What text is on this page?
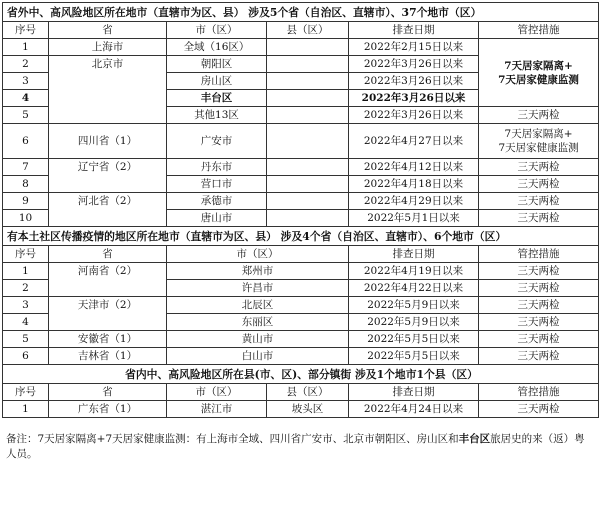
省外中、高风险地区所在地市（直辖市为区、县） 涉及5个省（自治区、直辖市）、37个地市（区）					
序号	省	市（区）	县（区）	排查日期	管控措施
1	上海市	全域（16区）		2022年2月15日以来	7天居家隔离+
7天居家健康监测
2	北京市	朝阳区		2022年3月26日以来	
3		房山区		2022年3月26日以来	
4		丰台区		2022年3月26日以来	
5		其他13区		2022年3月26日以来	三天两检
6	四川省（1）	广安市		2022年4月27日以来	7天居家隔离+
7天居家健康监测
7	辽宁省（2）	丹东市		2022年4月12日以来	三天两检
8		营口市		2022年4月18日以来	三天两检
9	河北省（2）	承德市		2022年4月29日以来	三天两检
10		唐山市		2022年5月1日以来	三天两检
有本土社区传播疫情的地区所在地市（直辖市为区、县） 涉及4个省（自治区、直辖市）、6个地市（区）					
序号	省	市（区）		排查日期	管控措施
1	河南省（2）	郑州市		2022年4月19日以来	三天两检
2		许昌市		2022年4月22日以来	三天两检
3	天津市（2）	北辰区		2022年5月9日以来	三天两检
4		东丽区		2022年5月9日以来	三天两检
5	安徽省（1）	黄山市		2022年5月5日以来	三天两检
6	吉林省（1）	白山市		2022年5月5日以来	三天两检
省内中、高风险地区所在县(市、区)、部分镇街 涉及1个地市1个县（区）					
序号	省	市（区）	县（区）	排查日期	管控措施
1	广东省（1）	湛江市	坡头区	2022年4月24日以来	三天两检
备注：7天居家隔离+7天居家健康监测：有上海市全域、四川省广安市、北京市朝阳区、房山区和丰台区旅居史的来（返）粤人员。
